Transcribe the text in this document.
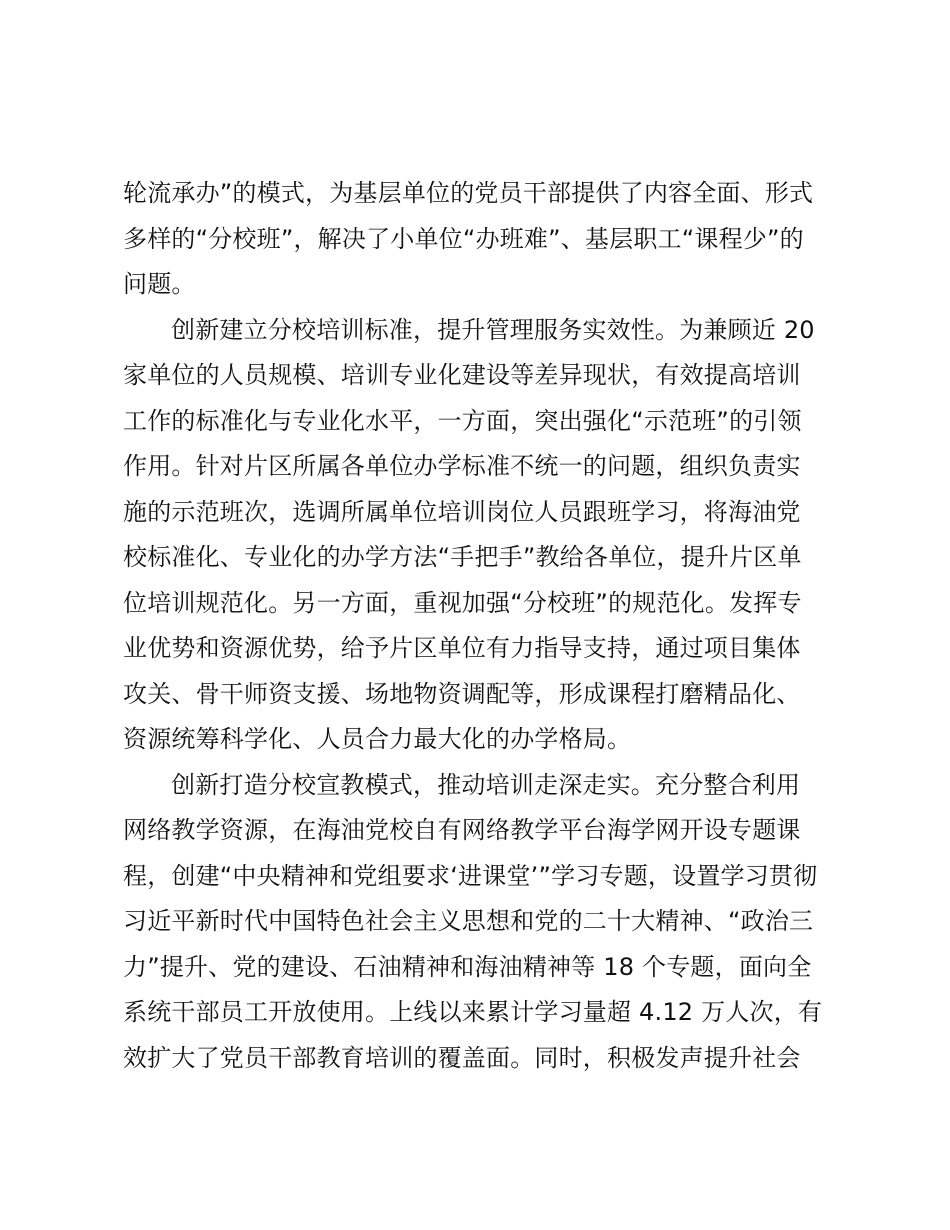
轮流承办”的模式，为基层单位的党员干部提供了内容全面、形式
多样的“分校班”，解决了小单位“办班难”、基层职工“课程少”的
问题。
创新建立分校培训标准，提升管理服务实效性。为兼顾近 20
家单位的人员规模、培训专业化建设等差异现状，有效提高培训
工作的标准化与专业化水平，一方面，突出强化“示范班”的引领
作用。针对片区所属各单位办学标准不统一的问题，组织负责实
施的示范班次，选调所属单位培训岗位人员跟班学习，将海油党
校标准化、专业化的办学方法“手把手”教给各单位，提升片区单
位培训规范化。另一方面，重视加强“分校班”的规范化。发挥专
业优势和资源优势，给予片区单位有力指导支持，通过项目集体
攻关、骨干师资支援、场地物资调配等，形成课程打磨精品化、
资源统筹科学化、人员合力最大化的办学格局。
创新打造分校宣教模式，推动培训走深走实。充分整合利用
网络教学资源，在海油党校自有网络教学平台海学网开设专题课
程，创建“中央精神和党组要求‘进课堂’”学习专题，设置学习贯彻
习近平新时代中国特色社会主义思想和党的二十大精神、“政治三
力”提升、党的建设、石油精神和海油精神等 18 个专题，面向全
系统干部员工开放使用。上线以来累计学习量超 4.12 万人次，有
效扩大了党员干部教育培训的覆盖面。同时，积极发声提升社会
